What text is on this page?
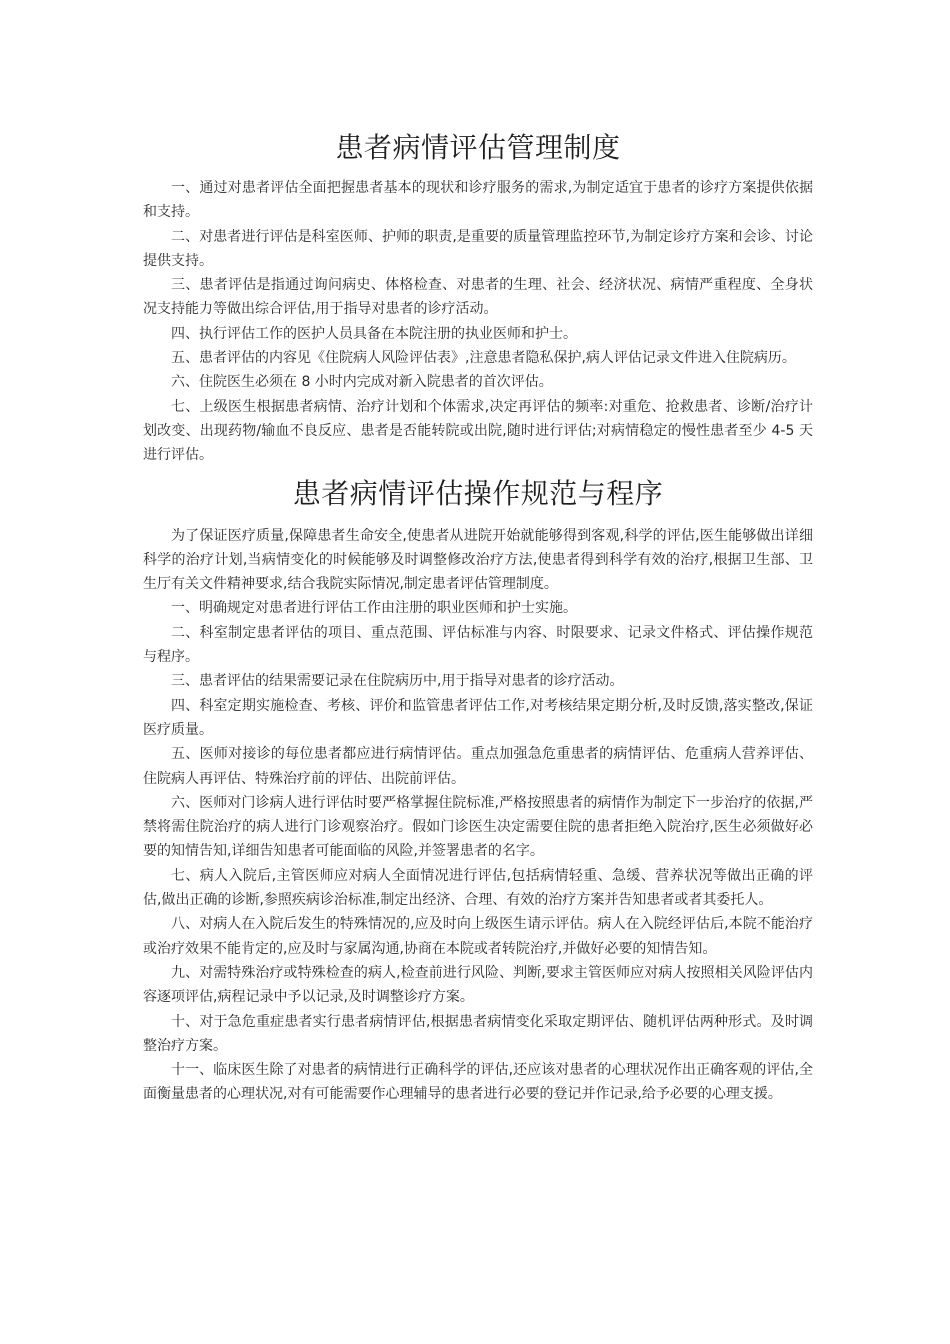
患者病情评估管理制度

一、通过对患者评估全面把握患者基本的现状和诊疗服务的需求,为制定适宜于患者的诊疗方案提供依据和支持。

二、对患者进行评估是科室医师、护师的职责,是重要的质量管理监控环节,为制定诊疗方案和会诊、讨论提供支持。

三、患者评估是指通过询问病史、体格检查、对患者的生理、社会、经济状况、病情严重程度、全身状况支持能力等做出综合评估,用于指导对患者的诊疗活动。

四、执行评估工作的医护人员具备在本院注册的执业医师和护士。

五、患者评估的内容见《住院病人风险评估表》,注意患者隐私保护,病人评估记录文件进入住院病历。

六、住院医生必须在 8 小时内完成对新入院患者的首次评估。

七、上级医生根据患者病情、治疗计划和个体需求,决定再评估的频率:对重危、抢救患者、诊断/治疗计划改变、出现药物/输血不良反应、患者是否能转院或出院,随时进行评估;对病情稳定的慢性患者至少 4-5 天进行评估。

患者病情评估操作规范与程序

为了保证医疗质量,保障患者生命安全,使患者从进院开始就能够得到客观,科学的评估,医生能够做出详细科学的治疗计划,当病情变化的时候能够及时调整修改治疗方法,使患者得到科学有效的治疗,根据卫生部、卫生厅有关文件精神要求,结合我院实际情况,制定患者评估管理制度。

一、明确规定对患者进行评估工作由注册的职业医师和护士实施。

二、科室制定患者评估的项目、重点范围、评估标准与内容、时限要求、记录文件格式、评估操作规范与程序。

三、患者评估的结果需要记录在住院病历中,用于指导对患者的诊疗活动。

四、科室定期实施检查、考核、评价和监管患者评估工作,对考核结果定期分析,及时反馈,落实整改,保证医疗质量。

五、医师对接诊的每位患者都应进行病情评估。重点加强急危重患者的病情评估、危重病人营养评估、住院病人再评估、特殊治疗前的评估、出院前评估。

六、医师对门诊病人进行评估时要严格掌握住院标准,严格按照患者的病情作为制定下一步治疗的依据,严禁将需住院治疗的病人进行门诊观察治疗。假如门诊医生决定需要住院的患者拒绝入院治疗,医生必须做好必要的知情告知,详细告知患者可能面临的风险,并签署患者的名字。

七、病人入院后,主管医师应对病人全面情况进行评估,包括病情轻重、急缓、营养状况等做出正确的评估,做出正确的诊断,参照疾病诊治标准,制定出经济、合理、有效的治疗方案并告知患者或者其委托人。

八、对病人在入院后发生的特殊情况的,应及时向上级医生请示评估。病人在入院经评估后,本院不能治疗或治疗效果不能肯定的,应及时与家属沟通,协商在本院或者转院治疗,并做好必要的知情告知。

九、对需特殊治疗或特殊检查的病人,检查前进行风险、判断,要求主管医师应对病人按照相关风险评估内容逐项评估,病程记录中予以记录,及时调整诊疗方案。

十、对于急危重症患者实行患者病情评估,根据患者病情变化采取定期评估、随机评估两种形式。及时调整治疗方案。

十一、临床医生除了对患者的病情进行正确科学的评估,还应该对患者的心理状况作出正确客观的评估,全面衡量患者的心理状况,对有可能需要作心理辅导的患者进行必要的登记并作记录,给予必要的心理支援。
